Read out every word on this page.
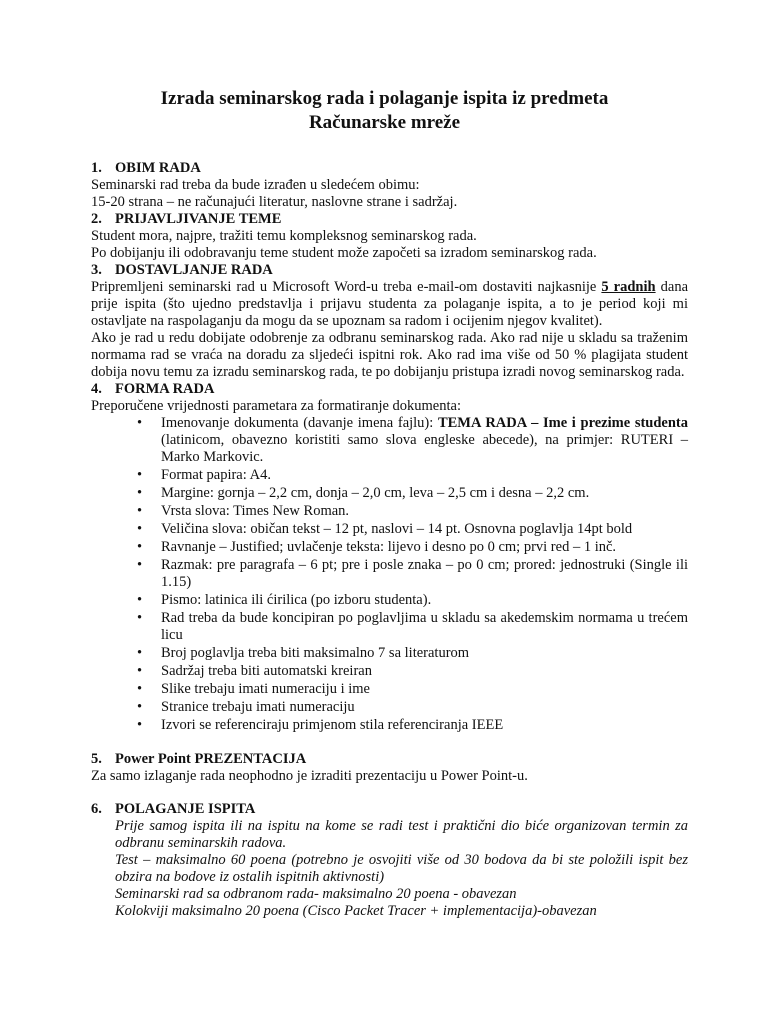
Izrada seminarskog rada i polaganje ispita iz predmeta
Računarske mreže
1. OBIM RADA

Seminarski rad treba da bude izrađen u sledećem obimu:

15-20 strana – ne računajući literatur, naslovne strane i sadržaj.

2. PRIJAVLJIVANJE TEME

Student mora, najpre, tražiti temu kompleksnog seminarskog rada.

Po dobijanju ili odobravanju teme student može započeti sa izradom seminarskog rada.

3. DOSTAVLJANJE RADA

Pripremljeni seminarski rad u Microsoft Word-u treba e-mail-om dostaviti najkasnije 5 radnih dana prije ispita (što ujedno predstavlja i prijavu studenta za polaganje ispita, a to je period koji mi ostavljate na raspolaganju da mogu da se upoznam sa radom i ocijenim njegov kvalitet).

Ako je rad u redu dobijate odobrenje za odbranu seminarskog rada. Ako rad nije u skladu sa traženim normama rad se vraća na doradu za sljedeći ispitni rok. Ako rad ima više od 50 % plagijata student dobija novu temu za izradu seminarskog rada, te po dobijanju pristupa izradi novog seminarskog rada.

4. FORMA RADA

Preporučene vrijednosti parametara za formatiranje dokumenta:

• Imenovanje dokumenta (davanje imena fajlu): TEMA RADA – Ime i prezime studenta (latinicom, obavezno koristiti samo slova engleske abecede), na primjer: RUTERI – Marko Markovic.
• Format papira: A4.
• Margine: gornja – 2,2 cm, donja – 2,0 cm, leva – 2,5 cm i desna – 2,2 cm.
• Vrsta slova: Times New Roman.
• Veličina slova: običan tekst – 12 pt, naslovi – 14 pt. Osnovna poglavlja 14pt bold
• Ravnanje – Justified; uvlačenje teksta: lijevo i desno po 0 cm; prvi red – 1 inč.
• Razmak: pre paragrafa – 6 pt; pre i posle znaka – po 0 cm; prored: jednostruki (Single ili 1.15)
• Pismo: latinica ili ćirilica (po izboru studenta).
• Rad treba da bude koncipiran po poglavljima u skladu sa akedemskim normama u trećem licu
• Broj poglavlja treba biti maksimalno 7 sa literaturom
• Sadržaj treba biti automatski kreiran
• Slike trebaju imati numeraciju i ime
• Stranice trebaju imati numeraciju
• Izvori se referenciraju primjenom stila referenciranja IEEE
5. Power Point PREZENTACIJA

Za samo izlaganje rada neophodno je izraditi prezentaciju u Power Point-u.

6. POLAGANJE ISPITA

Prije samog ispita ili na ispitu na kome se radi test i praktični dio biće organizovan termin za odbranu seminarskih radova.

Test – maksimalno 60 poena (potrebno je osvojiti više od 30 bodova da bi ste položili ispit bez obzira na bodove iz ostalih ispitnih aktivnosti)

Seminarski rad sa odbranom rada- maksimalno 20 poena - obavezan

Kolokviji maksimalno 20 poena (Cisco Packet Tracer + implementacija)-obavezan
